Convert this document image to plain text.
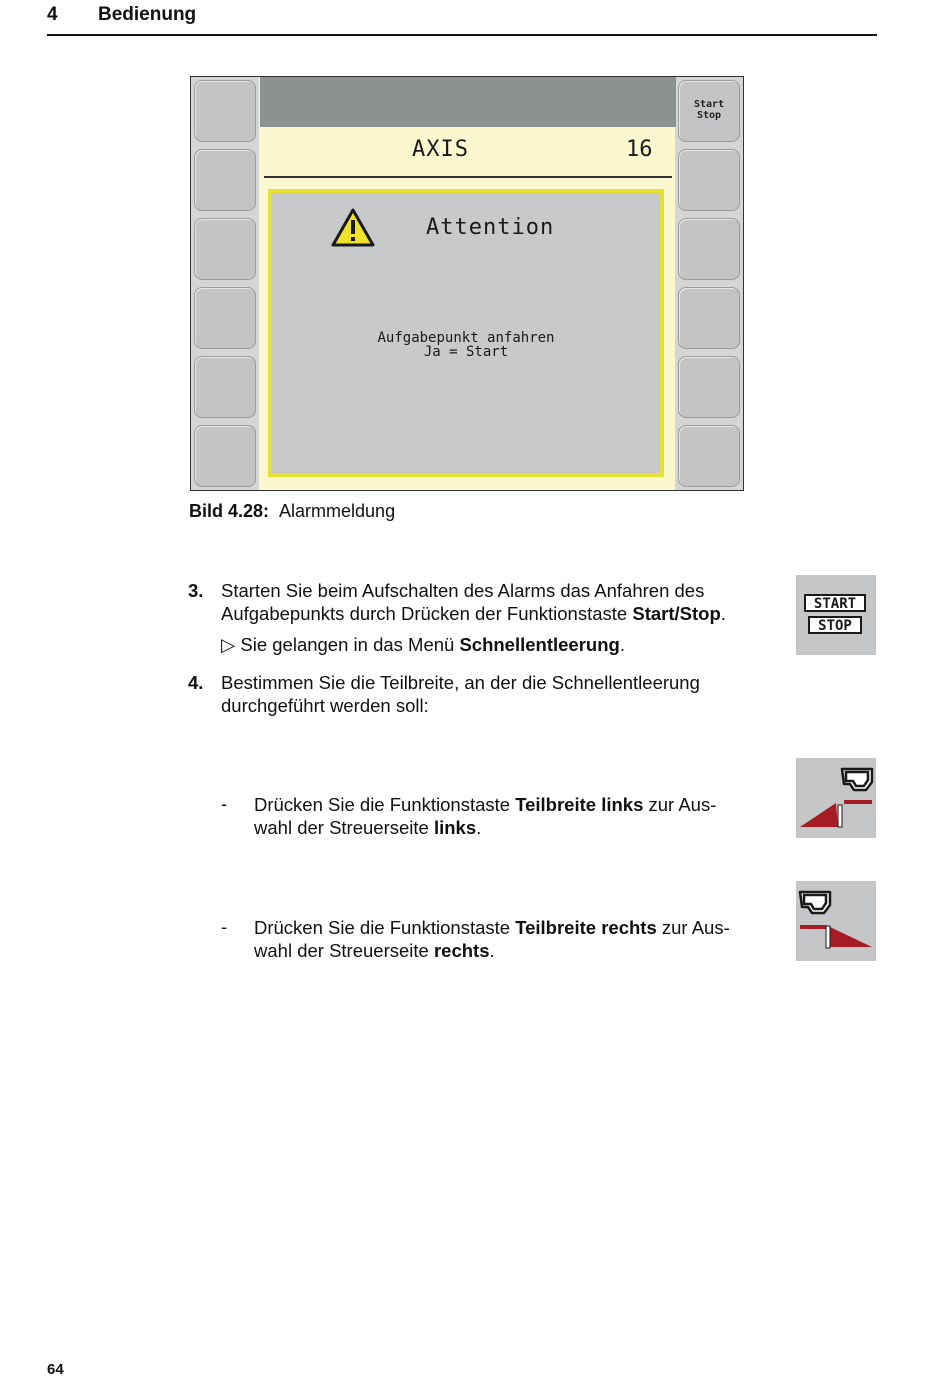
4 Bedienung
Start
Stop
AXIS	16
Attention
Aufgabepunkt anfahren
Ja = Start
Bild 4.28: Alarmmeldung
3. Starten Sie beim Aufschalten des Alarms das Anfahren des
Aufgabepunkts durch Drücken der Funktionstaste Start/Stop.
▷ Sie gelangen in das Menü Schnellentleerung.
4. Bestimmen Sie die Teilbreite, an der die Schnellentleerung
durchgeführt werden soll:
- Drücken Sie die Funktionstaste Teilbreite links zur Aus-
wahl der Streuerseite links.
- Drücken Sie die Funktionstaste Teilbreite rechts zur Aus-
wahl der Streuerseite rechts.
START
STOP
64
